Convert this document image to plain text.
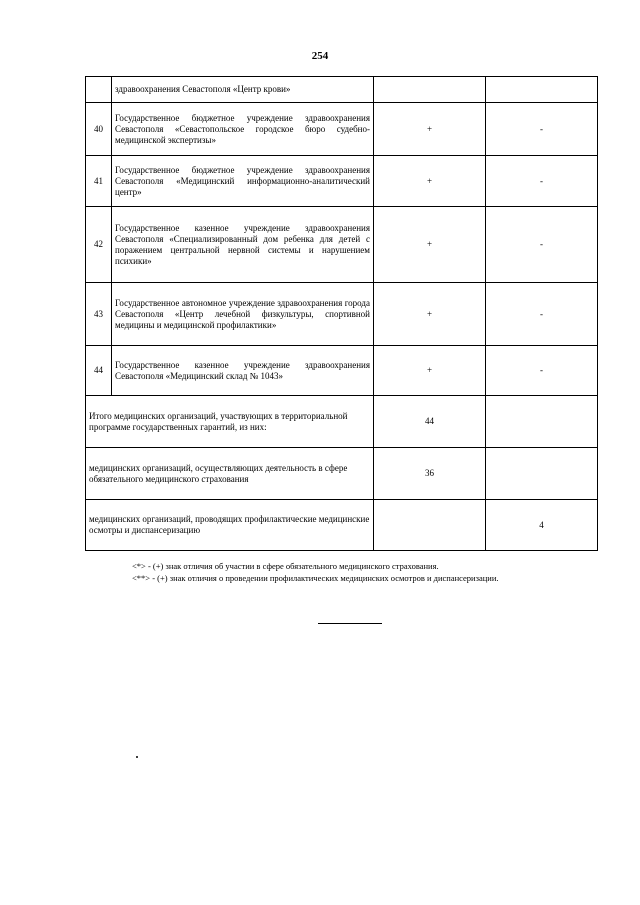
254
	здравоохранения Севастополя «Центр крови»		
40	Государственное бюджетное учреждение здравоохранения Севастополя «Севастопольское городское бюро судебно-медицинской экспертизы»	+	-
41	Государственное бюджетное учреждение здравоохранения Севастополя «Медицинский информационно-аналитический центр»	+	-
42	Государственное казенное учреждение здравоохранения Севастополя «Специализированный дом ребенка для детей с поражением центральной нервной системы и нарушением психики»	+	-
43	Государственное автономное учреждение здравоохранения города Севастополя «Центр лечебной физкультуры, спортивной медицины и медицинской профилактики»	+	-
44	Государственное казенное учреждение здравоохранения Севастополя «Медицинский склад № 1043»	+	-
Итого медицинских организаций, участвующих в территориальной программе государственных гарантий, из них:		44	
медицинских организаций, осуществляющих деятельность в сфере обязательного медицинского страхования		36	
медицинских организаций, проводящих профилактические медицинские осмотры и диспансеризацию			4
<*> - (+) знак отличия об участии в сфере обязательного медицинского страхования.
<**> - (+) знак отличия о проведении профилактических медицинских осмотров и диспансеризации.
